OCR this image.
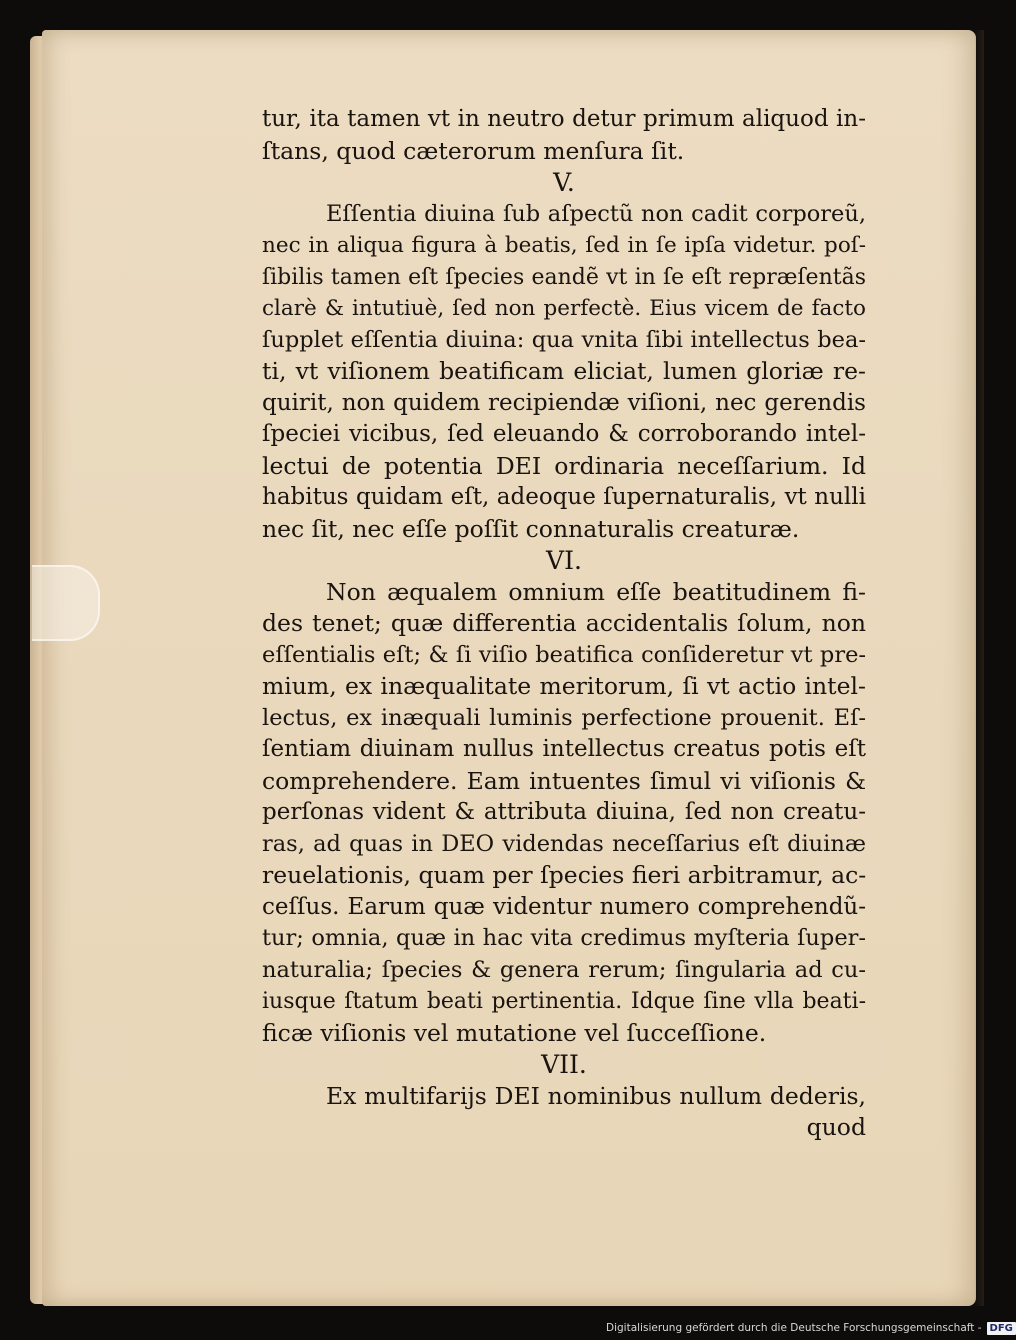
tur, ita tamen vt in neutro detur primum aliquod in-
ſtans, quod cæterorum menſura ſit.
V.
Eſſentia diuina ſub aſpectũ non cadit corporeũ,
nec in aliqua figura à beatis, ſed in ſe ipſa videtur. poſ-
ſibilis tamen eſt ſpecies eandẽ vt in ſe eſt repræſentãs
clarè & intutiuè, ſed non perfectè. Eius vicem de facto
ſupplet eſſentia diuina: qua vnita ſibi intellectus bea-
ti, vt viſionem beatificam eliciat, lumen gloriæ re-
quirit, non quidem recipiendæ viſioni, nec gerendis
ſpeciei vicibus, ſed eleuando & corroborando intel-
lectui de potentia DEI ordinaria neceſſarium. Id
habitus quidam eſt, adeoque ſupernaturalis, vt nulli
nec ſit, nec eſſe poſſit connaturalis creaturæ.
VI.
Non æqualem omnium eſſe beatitudinem fi-
des tenet; quæ differentia accidentalis ſolum, non
eſſentialis eſt; & ſi viſio beatifica conſideretur vt pre-
mium, ex inæqualitate meritorum, ſi vt actio intel-
lectus, ex inæquali luminis perfectione prouenit. Eſ-
ſentiam diuinam nullus intellectus creatus potis eſt
comprehendere. Eam intuentes ſimul vi viſionis &
perſonas vident & attributa diuina, ſed non creatu-
ras, ad quas in DEO videndas neceſſarius eſt diuinæ
reuelationis, quam per ſpecies fieri arbitramur, ac-
ceſſus. Earum quæ videntur numero comprehendũ-
tur; omnia, quæ in hac vita credimus myſteria ſuper-
naturalia; ſpecies & genera rerum; ſingularia ad cu-
iusque ſtatum beati pertinentia. Idque ſine vlla beati-
ficæ viſionis vel mutatione vel ſucceſſione.
VII.
Ex multifarijs DEI nominibus nullum dederis,
quod
Digitalisierung gefördert durch die Deutsche Forschungsgemeinschaft - DFG
